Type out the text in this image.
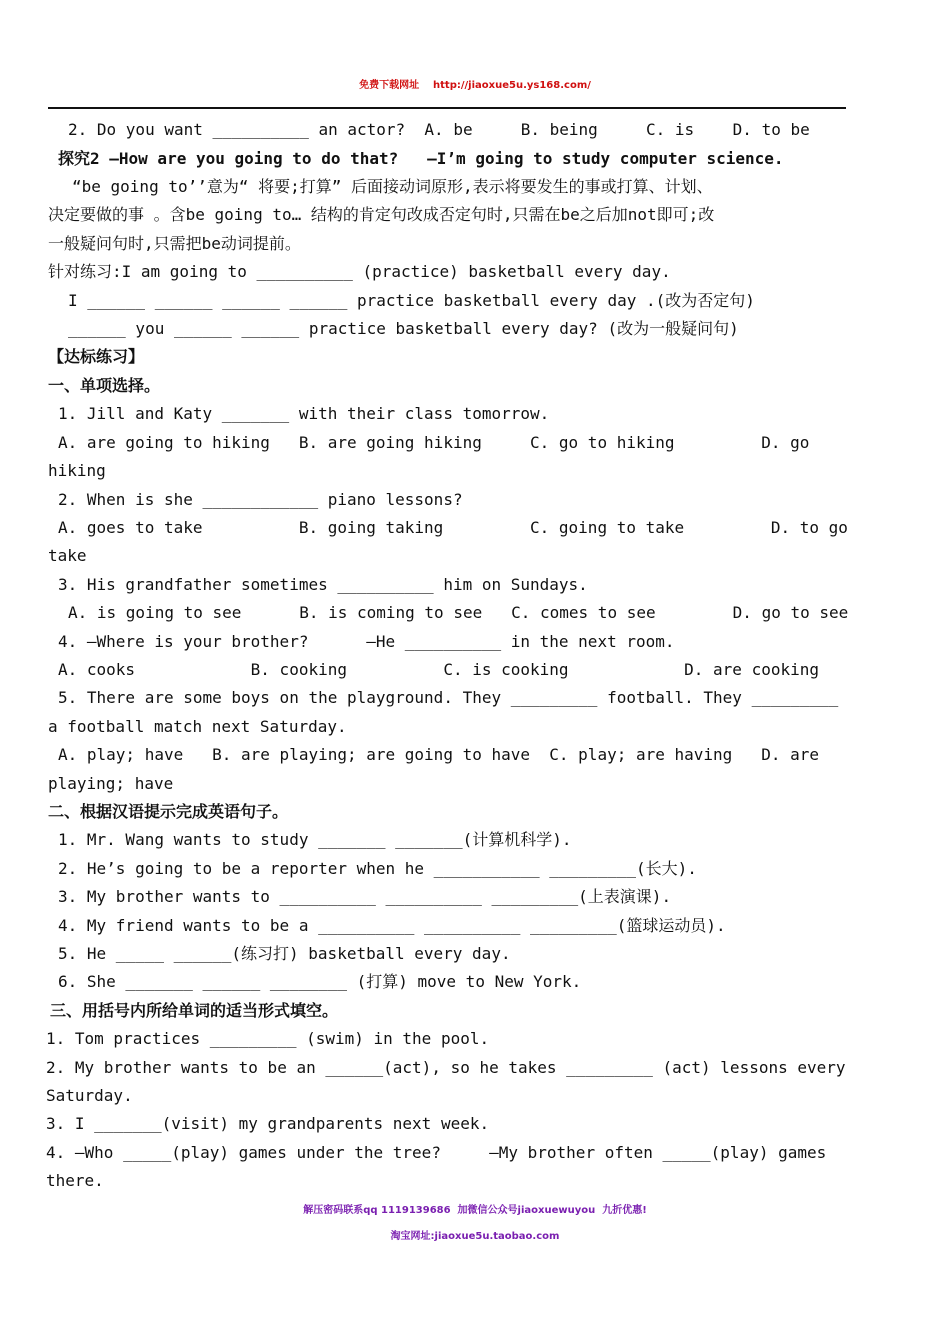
免费下载网址 http://jiaoxue5u.ys168.com/
2. Do you want __________ an actor?  A. be     B. being     C. is    D. to be
探究2 —How are you going to do that?   —I’m going to study computer science.
“be going to’’意为“ 将要;打算” 后面接动词原形,表示将要发生的事或打算、计划、
决定要做的事 。含be going to… 结构的肯定句改成否定句时,只需在be之后加not即可;改
一般疑问句时,只需把be动词提前。
针对练习:I am going to __________ (practice) basketball every day.
I ______ ______ ______ ______ practice basketball every day .(改为否定句)
______ you ______ ______ practice basketball every day? (改为一般疑问句)
【达标练习】
一、单项选择。
1. Jill and Katy _______ with their class tomorrow.
A. are going to hiking   B. are going hiking     C. go to hiking         D. go
hiking
2. When is she ____________ piano lessons?
A. goes to take          B. going taking         C. going to take         D. to go
take
3. His grandfather sometimes __________ him on Sundays.
A. is going to see      B. is coming to see   C. comes to see        D. go to see
4. —Where is your brother?      —He __________ in the next room.
A. cooks            B. cooking          C. is cooking            D. are cooking
5. There are some boys on the playground. They _________ football. They _________
a football match next Saturday.
A. play; have   B. are playing; are going to have  C. play; are having   D. are
playing; have
二、根据汉语提示完成英语句子。
1. Mr. Wang wants to study _______ _______(计算机科学).
2. He’s going to be a reporter when he ___________ _________(长大).
3. My brother wants to __________ __________ _________(上表演课).
4. My friend wants to be a __________ __________ _________(篮球运动员).
5. He _____ ______(练习打) basketball every day.
6. She _______ ______ ________ (打算) move to New York.
三、用括号内所给单词的适当形式填空。
1. Tom practices _________ (swim) in the pool.
2. My brother wants to be an ______(act), so he takes _________ (act) lessons every
Saturday.
3. I _______(visit) my grandparents next week.
4. —Who _____(play) games under the tree?     —My brother often _____(play) games
there.
解压密码联系qq 1119139686  加微信公众号jiaoxuewuyou  九折优惠!
淘宝网址:jiaoxue5u.taobao.com
